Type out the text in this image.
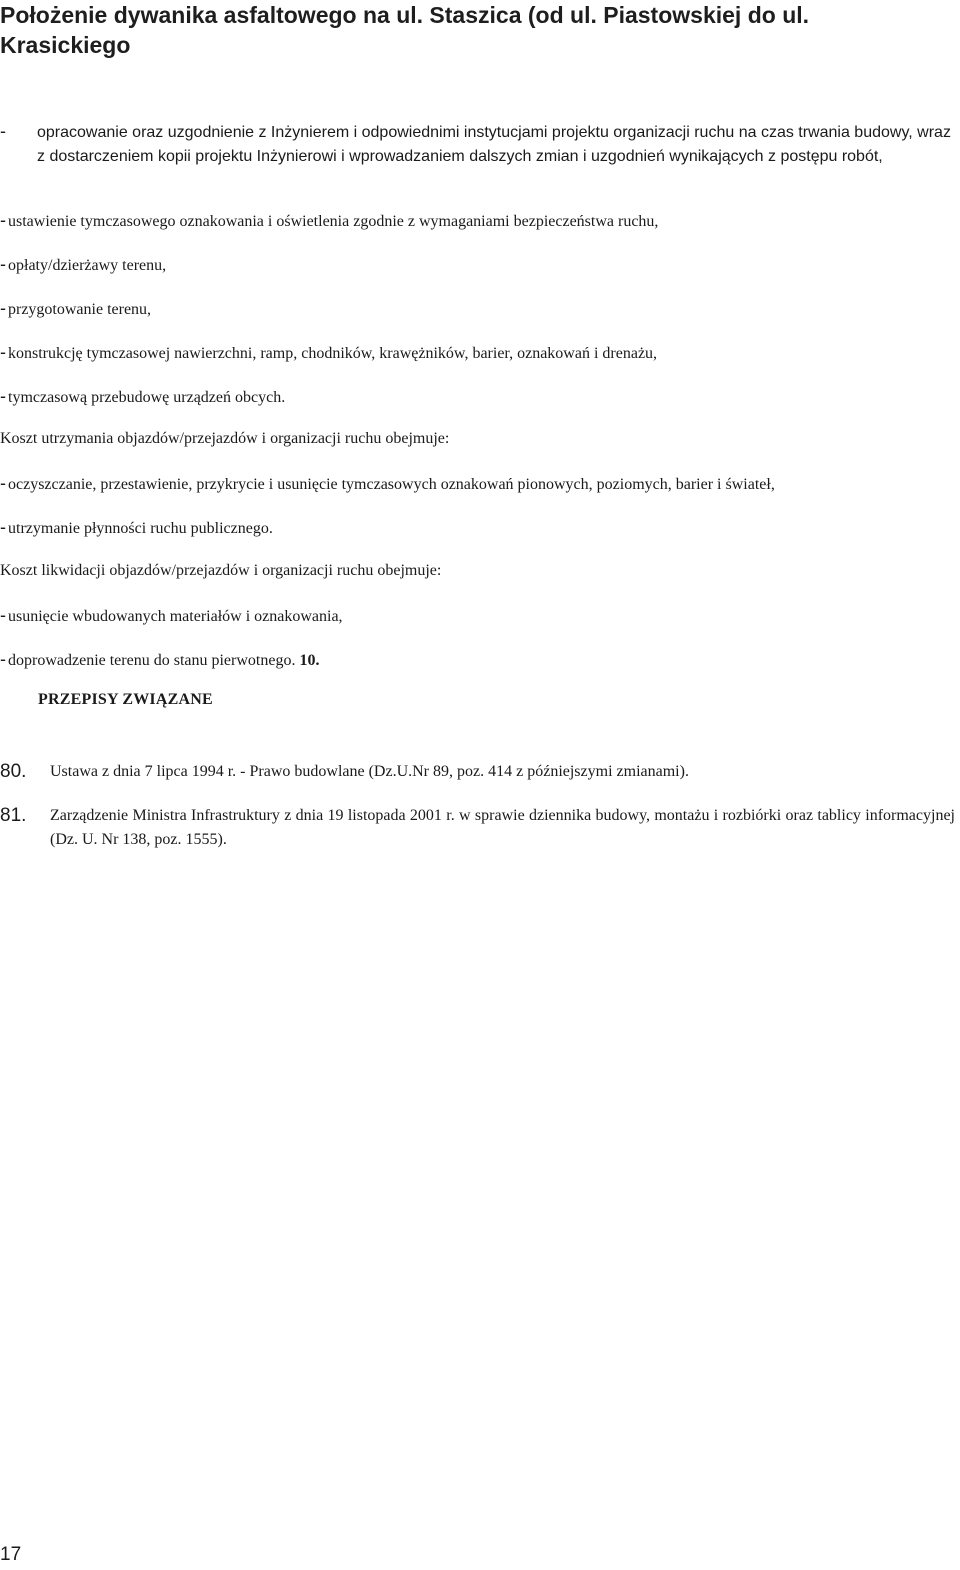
Położenie dywanika asfaltowego na ul. Staszica (od ul. Piastowskiej do ul. Krasickiego

- opracowanie oraz uzgodnienie z Inżynierem i odpowiednimi instytucjami projektu organizacji ruchu na czas trwania budowy, wraz z dostarczeniem kopii projektu Inżynierowi i wprowadzaniem dalszych zmian i uzgodnień wynikających z postępu robót,

- ustawienie tymczasowego oznakowania i oświetlenia zgodnie z wymaganiami bezpieczeństwa ruchu,

- opłaty/dzierżawy terenu,

- przygotowanie terenu,

- konstrukcję tymczasowej nawierzchni, ramp, chodników, krawężników, barier, oznakowań i drenażu,

- tymczasową przebudowę urządzeń obcych.

Koszt utrzymania objazdów/przejazdów i organizacji ruchu obejmuje:

- oczyszczanie, przestawienie, przykrycie i usunięcie tymczasowych oznakowań pionowych, poziomych, barier i świateł,

- utrzymanie płynności ruchu publicznego.

Koszt likwidacji objazdów/przejazdów i organizacji ruchu obejmuje:

- usunięcie wbudowanych materiałów i oznakowania,

- doprowadzenie terenu do stanu pierwotnego. 10.

PRZEPISY ZWIĄZANE

80. Ustawa z dnia 7 lipca 1994 r. - Prawo budowlane (Dz.U.Nr 89, poz. 414 z późniejszymi zmianami).
81. Zarządzenie Ministra Infrastruktury z dnia 19 listopada 2001 r. w sprawie dziennika budowy, montażu i rozbiórki oraz tablicy informacyjnej (Dz. U. Nr 138, poz. 1555).
17
